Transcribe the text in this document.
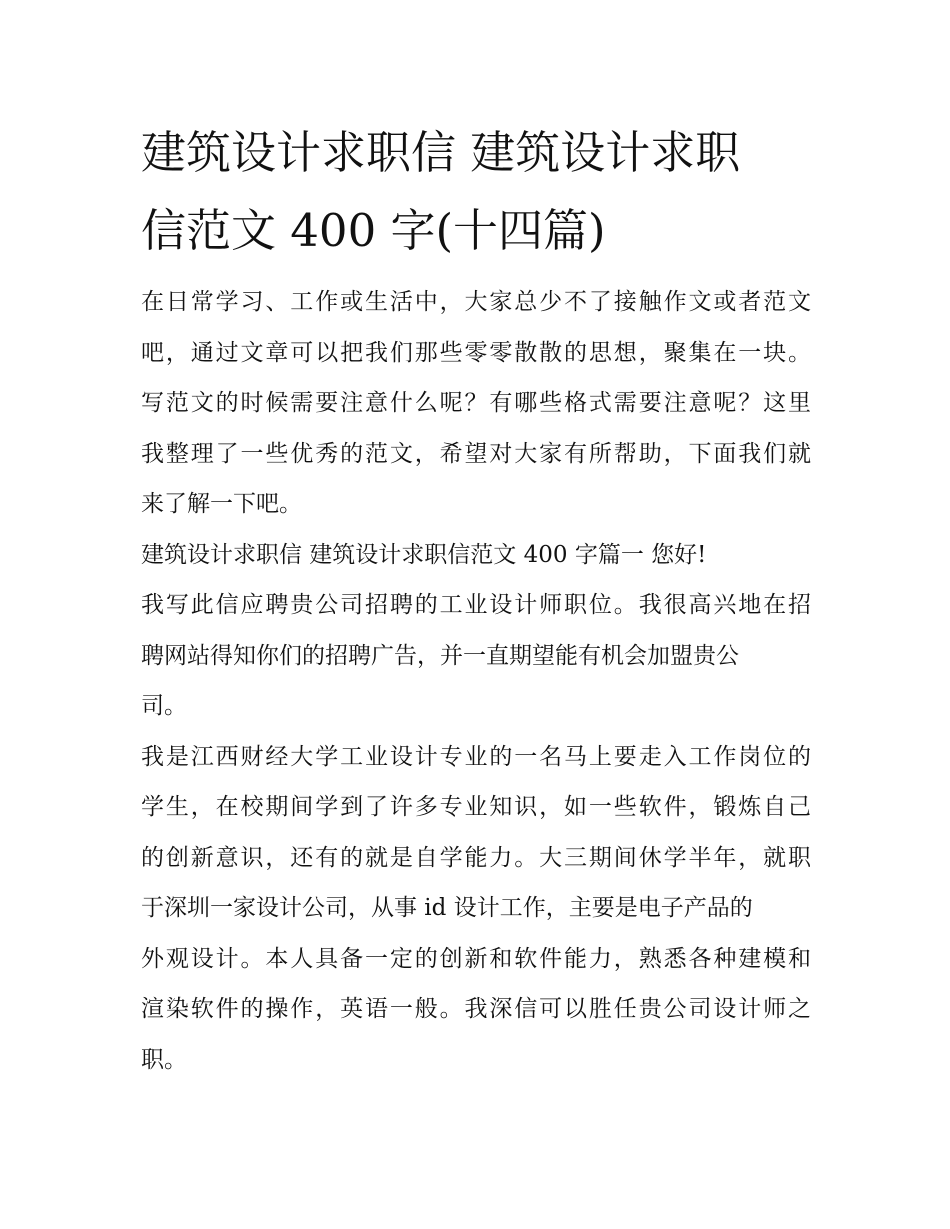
建筑设计求职信 建筑设计求职
信范文 400 字(十四篇)
在日常学习、工作或生活中，大家总少不了接触作文或者范文
吧，通过文章可以把我们那些零零散散的思想，聚集在一块。
写范文的时候需要注意什么呢？有哪些格式需要注意呢？这里
我整理了一些优秀的范文，希望对大家有所帮助，下面我们就
来了解一下吧。
建筑设计求职信 建筑设计求职信范文 400 字篇一 您好!
我写此信应聘贵公司招聘的工业设计师职位。我很高兴地在招
聘网站得知你们的招聘广告，并一直期望能有机会加盟贵公
司。
我是江西财经大学工业设计专业的一名马上要走入工作岗位的
学生，在校期间学到了许多专业知识，如一些软件，锻炼自己
的创新意识，还有的就是自学能力。大三期间休学半年，就职
于深圳一家设计公司，从事 id 设计工作，主要是电子产品的
外观设计。本人具备一定的创新和软件能力，熟悉各种建模和
渲染软件的操作，英语一般。我深信可以胜任贵公司设计师之
职。
